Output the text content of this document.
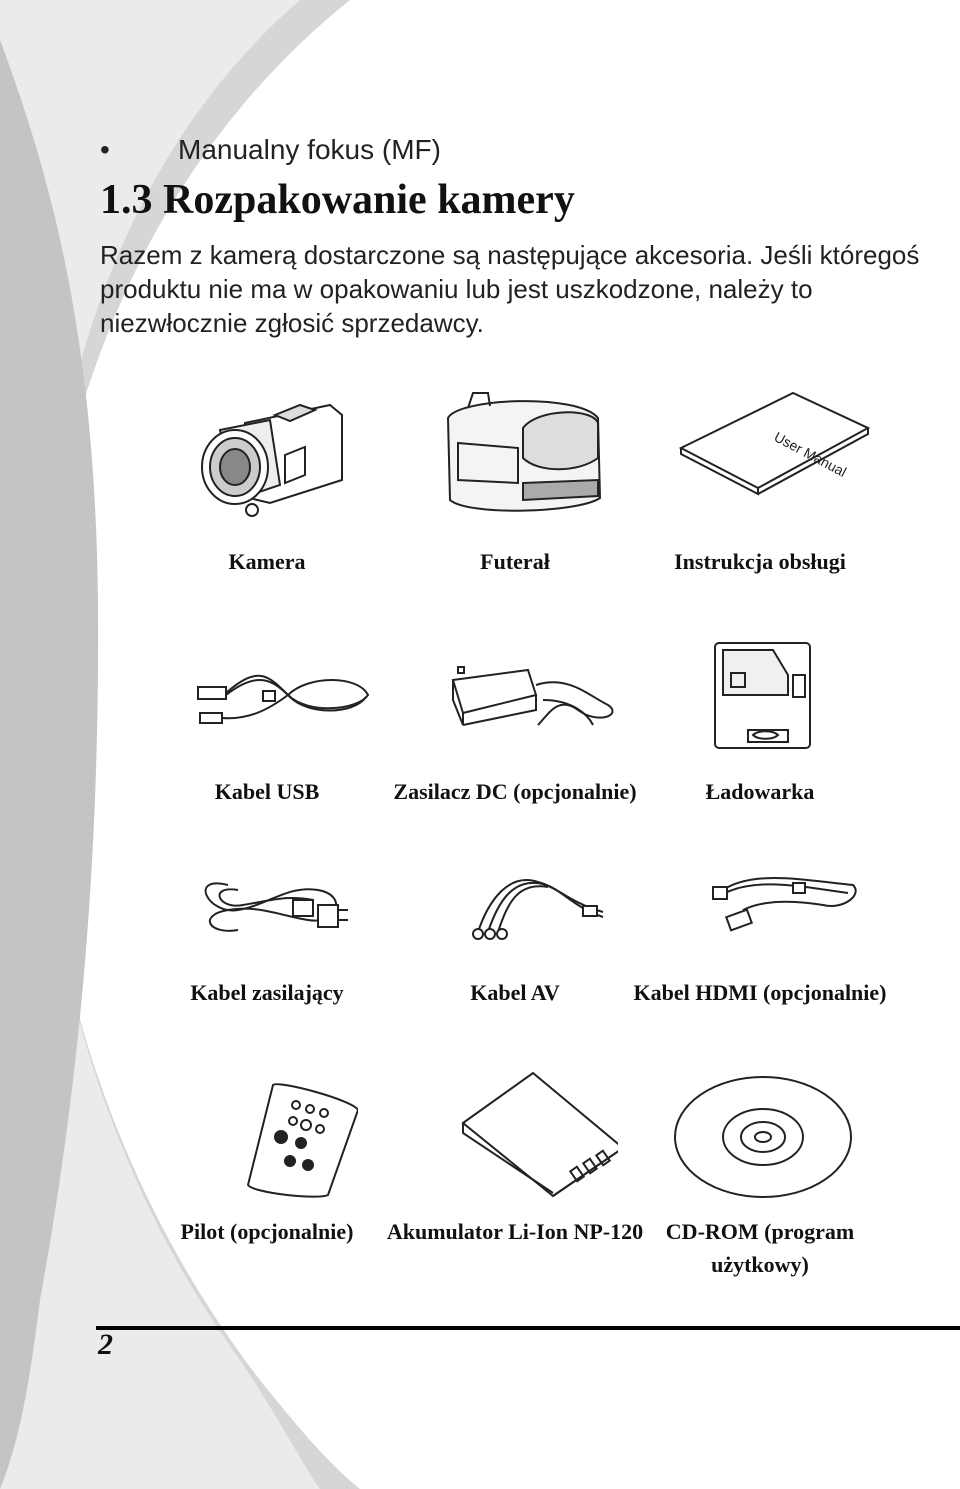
• Manualny fokus (MF)
1.3 Rozpakowanie kamery

Razem z kamerą dostarczone są następujące akcesoria. Jeśli któregoś produktu nie ma w opakowaniu lub jest uszkodzone, należy to niezwłocznie zgłosić sprzedawcy.

Kamera	Futerał
User Manual
Instrukcja obsługi
Kabel USB	Zasilacz DC (opcjonalnie)	Ładowarka
Kabel zasilający	Kabel AV	Kabel HDMI (opcjonalnie)
Pilot (opcjonalnie)	Akumulator Li-Ion NP-120	CD-ROM (program użytkowy)
2
